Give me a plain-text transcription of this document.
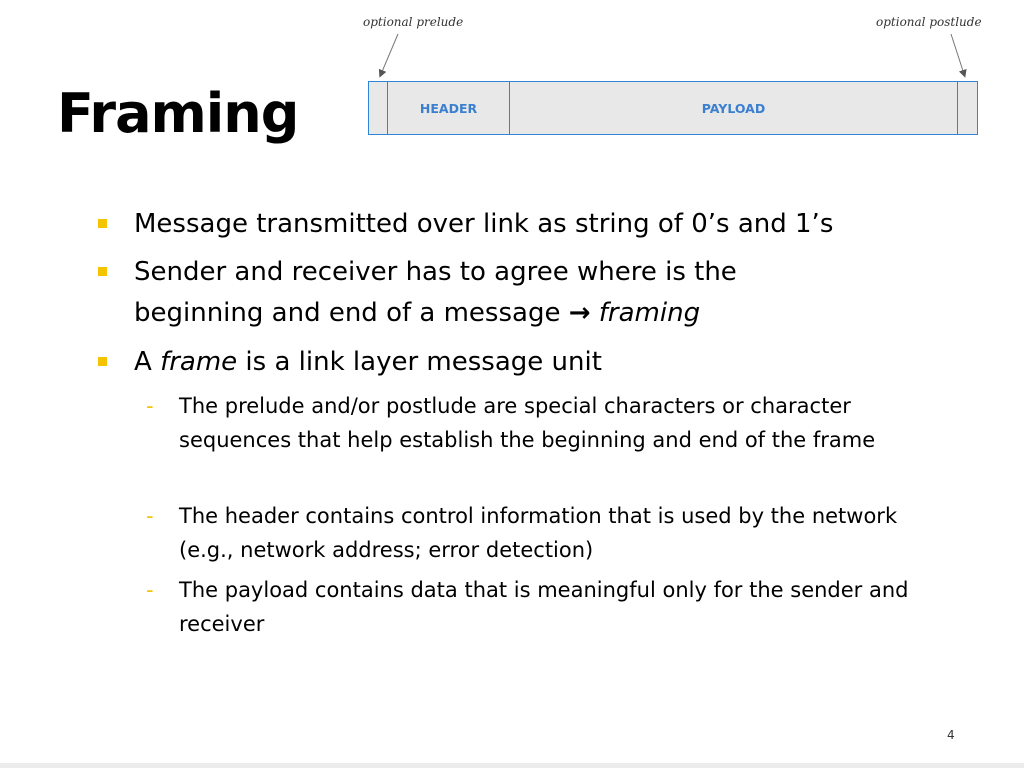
Framing
optional prelude	optional postlude
HEADER	PAYLOAD
Message transmitted over link as string of 0’s and 1’s
Sender and receiver has to agree where is the
beginning and end of a message → framing
A frame is a link layer message unit
- The prelude and/or postlude are special characters or character sequences that help establish the beginning and end of the frame
- The header contains control information that is used by the network (e.g., network address; error detection)
- The payload contains data that is meaningful only for the sender and receiver
4
